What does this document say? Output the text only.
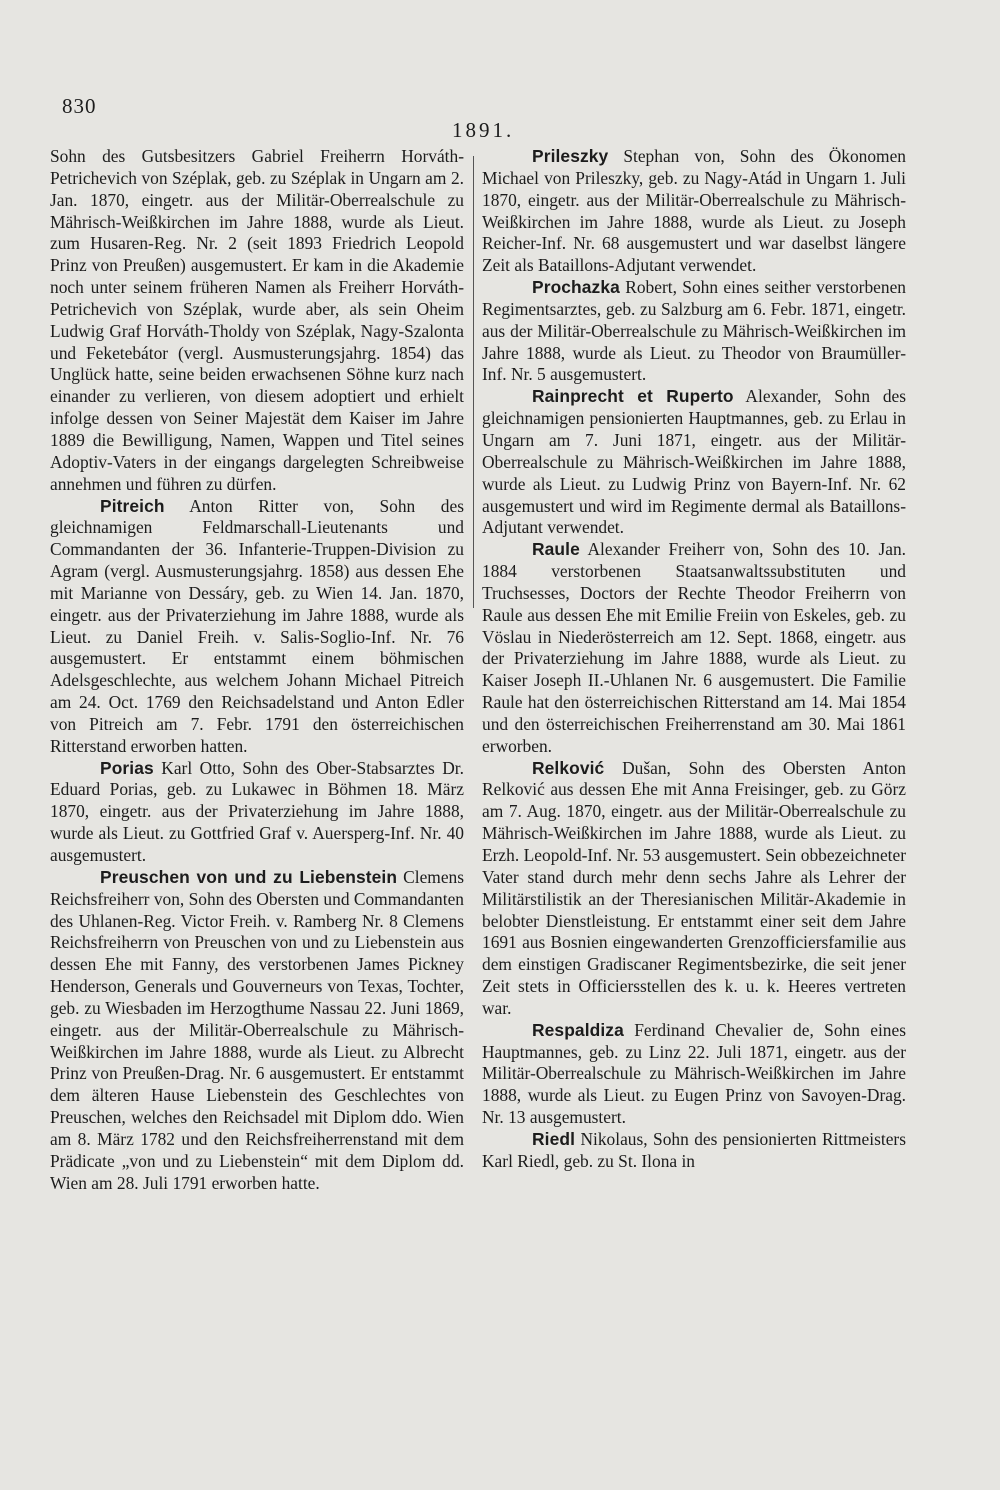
830
1891.

Sohn des Gutsbesitzers Gabriel Freiherrn Horváth-Petrichevich von Széplak, geb. zu Széplak in Ungarn am 2. Jan. 1870, eingetr. aus der Militär-Oberrealschule zu Mährisch-Weißkirchen im Jahre 1888, wurde als Lieut. zum Husaren-Reg. Nr. 2 (seit 1893 Friedrich Leopold Prinz von Preußen) ausgemustert. Er kam in die Akademie noch unter seinem früheren Namen als Freiherr Horváth-Petrichevich von Széplak, wurde aber, als sein Oheim Ludwig Graf Horváth-Tholdy von Széplak, Nagy-Szalonta und Feketebátor (vergl. Ausmusterungsjahrg. 1854) das Unglück hatte, seine beiden erwachsenen Söhne kurz nach einander zu verlieren, von diesem adoptiert und erhielt infolge dessen von Seiner Majestät dem Kaiser im Jahre 1889 die Bewilligung, Namen, Wappen und Titel seines Adoptiv-Vaters in der eingangs dargelegten Schreibweise annehmen und führen zu dürfen.

Pitreich Anton Ritter von, Sohn des gleichnamigen Feldmarschall-Lieutenants und Commandanten der 36. Infanterie-Truppen-Division zu Agram (vergl. Ausmusterungsjahrg. 1858) aus dessen Ehe mit Marianne von Dessáry, geb. zu Wien 14. Jan. 1870, eingetr. aus der Privaterziehung im Jahre 1888, wurde als Lieut. zu Daniel Freih. v. Salis-Soglio-Inf. Nr. 76 ausgemustert. Er entstammt einem böhmischen Adelsgeschlechte, aus welchem Johann Michael Pitreich am 24. Oct. 1769 den Reichsadelstand und Anton Edler von Pitreich am 7. Febr. 1791 den österreichischen Ritterstand erworben hatten.

Porias Karl Otto, Sohn des Ober-Stabsarztes Dr. Eduard Porias, geb. zu Lukawec in Böhmen 18. März 1870, eingetr. aus der Privaterziehung im Jahre 1888, wurde als Lieut. zu Gottfried Graf v. Auersperg-Inf. Nr. 40 ausgemustert.

Preuschen von und zu Liebenstein Clemens Reichsfreiherr von, Sohn des Obersten und Commandanten des Uhlanen-Reg. Victor Freih. v. Ramberg Nr. 8 Clemens Reichsfreiherrn von Preuschen von und zu Liebenstein aus dessen Ehe mit Fanny, des verstorbenen James Pickney Henderson, Generals und Gouverneurs von Texas, Tochter, geb. zu Wiesbaden im Herzogthume Nassau 22. Juni 1869, eingetr. aus der Militär-Oberrealschule zu Mährisch-Weißkirchen im Jahre 1888, wurde als Lieut. zu Albrecht Prinz von Preußen-Drag. Nr. 6 ausgemustert. Er entstammt dem älteren Hause Liebenstein des Geschlechtes von Preuschen, welches den Reichsadel mit Diplom ddo. Wien am 8. März 1782 und den Reichsfreiherrenstand mit dem Prädicate „von und zu Liebenstein“ mit dem Diplom dd. Wien am 28. Juli 1791 erworben hatte.

Prileszky Stephan von, Sohn des Ökonomen Michael von Prileszky, geb. zu Nagy-Atád in Ungarn 1. Juli 1870, eingetr. aus der Militär-Oberrealschule zu Mährisch-Weißkirchen im Jahre 1888, wurde als Lieut. zu Joseph Reicher-Inf. Nr. 68 ausgemustert und war daselbst längere Zeit als Bataillons-Adjutant verwendet.

Prochazka Robert, Sohn eines seither verstorbenen Regimentsarztes, geb. zu Salzburg am 6. Febr. 1871, eingetr. aus der Militär-Oberrealschule zu Mährisch-Weißkirchen im Jahre 1888, wurde als Lieut. zu Theodor von Braumüller-Inf. Nr. 5 ausgemustert.

Rainprecht et Ruperto Alexander, Sohn des gleichnamigen pensionierten Hauptmannes, geb. zu Erlau in Ungarn am 7. Juni 1871, eingetr. aus der Militär-Oberrealschule zu Mährisch-Weißkirchen im Jahre 1888, wurde als Lieut. zu Ludwig Prinz von Bayern-Inf. Nr. 62 ausgemustert und wird im Regimente dermal als Bataillons-Adjutant verwendet.

Raule Alexander Freiherr von, Sohn des 10. Jan. 1884 verstorbenen Staatsanwaltssubstituten und Truchsesses, Doctors der Rechte Theodor Freiherrn von Raule aus dessen Ehe mit Emilie Freiin von Eskeles, geb. zu Vöslau in Niederösterreich am 12. Sept. 1868, eingetr. aus der Privaterziehung im Jahre 1888, wurde als Lieut. zu Kaiser Joseph II.-Uhlanen Nr. 6 ausgemustert. Die Familie Raule hat den österreichischen Ritterstand am 14. Mai 1854 und den österreichischen Freiherrenstand am 30. Mai 1861 erworben.

Relković Dušan, Sohn des Obersten Anton Relković aus dessen Ehe mit Anna Freisinger, geb. zu Görz am 7. Aug. 1870, eingetr. aus der Militär-Oberrealschule zu Mährisch-Weißkirchen im Jahre 1888, wurde als Lieut. zu Erzh. Leopold-Inf. Nr. 53 ausgemustert. Sein obbezeichneter Vater stand durch mehr denn sechs Jahre als Lehrer der Militärstilistik an der Theresianischen Militär-Akademie in belobter Dienstleistung. Er entstammt einer seit dem Jahre 1691 aus Bosnien eingewanderten Grenzofficiersfamilie aus dem einstigen Gradiscaner Regimentsbezirke, die seit jener Zeit stets in Officiersstellen des k. u. k. Heeres vertreten war.

Respaldiza Ferdinand Chevalier de, Sohn eines Hauptmannes, geb. zu Linz 22. Juli 1871, eingetr. aus der Militär-Oberrealschule zu Mährisch-Weißkirchen im Jahre 1888, wurde als Lieut. zu Eugen Prinz von Savoyen-Drag. Nr. 13 ausgemustert.

Riedl Nikolaus, Sohn des pensionierten Rittmeisters Karl Riedl, geb. zu St. Ilona in
